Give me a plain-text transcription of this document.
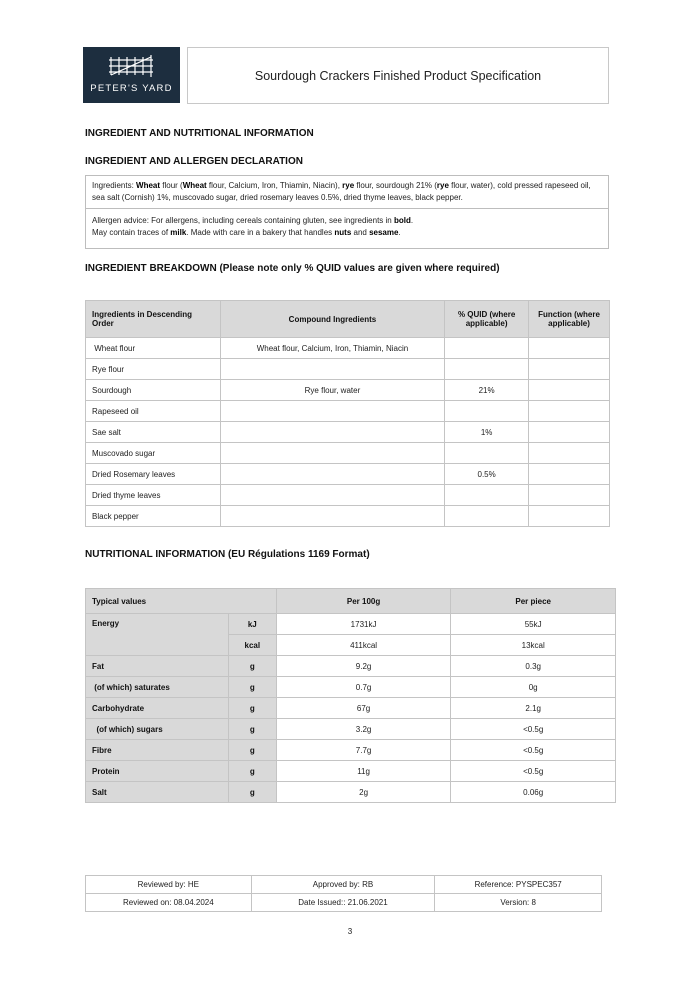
PETER'S YARD
Sourdough Crackers Finished Product Specification
INGREDIENT AND NUTRITIONAL INFORMATION
INGREDIENT AND ALLERGEN DECLARATION
Ingredients: Wheat flour (Wheat flour, Calcium, Iron, Thiamin, Niacin), rye flour, sourdough 21% (rye flour, water), cold pressed rapeseed oil, sea salt (Cornish) 1%, muscovado sugar, dried rosemary leaves 0.5%, dried thyme leaves, black pepper.
Allergen advice: For allergens, including cereals containing gluten, see ingredients in bold.
May contain traces of milk. Made with care in a bakery that handles nuts and sesame.
INGREDIENT BREAKDOWN (Please note only % QUID values are given where required)
Ingredients in Descending Order	Compound Ingredients	% QUID (where applicable)	Function (where applicable)
Wheat flour	Wheat flour, Calcium, Iron, Thiamin, Niacin		
Rye flour			
Sourdough	Rye flour, water	21%	
Rapeseed oil			
Sae salt		1%	
Muscovado sugar			
Dried Rosemary leaves		0.5%	
Dried thyme leaves			
Black pepper			
NUTRITIONAL INFORMATION (EU Régulations 1169 Format)
Typical values		Per 100g	Per piece
Energy	kJ	1731kJ	55kJ
	kcal	411kcal	13kcal
Fat	g	9.2g	0.3g
(of which) saturates	g	0.7g	0g
Carbohydrate	g	67g	2.1g
(of which) sugars	g	3.2g	<0.5g
Fibre	g	7.7g	<0.5g
Protein	g	11g	<0.5g
Salt	g	2g	0.06g
Reviewed by: HE	Approved by: RB	Reference: PYSPEC357
Reviewed on: 08.04.2024	Date Issued:: 21.06.2021	Version: 8
3
